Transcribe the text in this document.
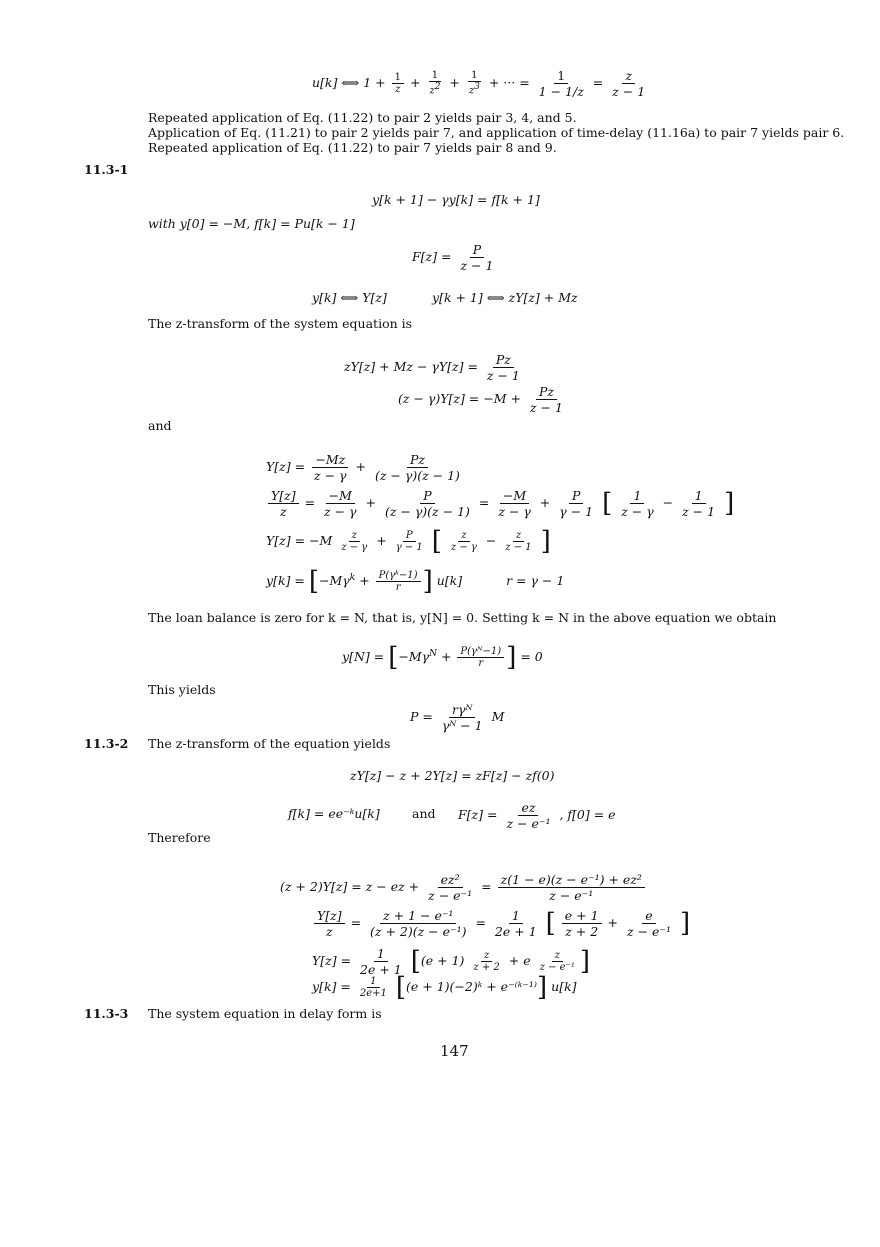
u[k] ⟺ $1 + \frac{1}{z} + \frac{1}{z^2} + \frac{1}{z^3}$ + ··· = $\frac{1}{1 - 1/z} = \frac{z}{z - 1}$
Repeated application of Eq. (11.22) to pair 2 yields pair 3, 4, and 5.
Application of Eq. (11.21) to pair 2 yields pair 7, and application of time-delay (11.16a) to pair 7 yields pair 6.
Repeated application of Eq. (11.22) to pair 7 yields pair 8 and 9.
11.3-1
y[k + 1] − γy[k] = f[k + 1]
with y[0] = −M, f[k] = Pu[k − 1]
$F[z] = \frac{P}{z - 1}$
y[k] ⟺ Y[z]	y[k + 1] ⟺ zY[z] + Mz
The z-transform of the system equation is
$zY[z] + Mz - \gamma Y[z] = \frac{Pz}{z - 1}$
$(z - \gamma)Y[z] = -M + \frac{Pz}{z - 1}$
and
$Y[z] = \frac{-Mz}{z - \gamma} + \frac{Pz}{(z - \gamma)(z - 1)}$
$\frac{Y[z]}{z} = \frac{-M}{z - \gamma} + \frac{P}{(z - \gamma)(z - 1)} = \frac{-M}{z - \gamma} + \frac{P}{\gamma - 1}$ [ $\frac{1}{z - \gamma} - \frac{1}{z - 1}$ ]
$Y[z] = -M \frac{z}{z - \gamma} + \frac{P}{\gamma - 1}$ [ $\frac{z}{z - \gamma} - \frac{z}{z - 1}$ ]
$y[k] = [-M\gamma^k + \frac{\text{P(γᵏ−1)}}{r}$ ] u[k]	r = γ − 1
The loan balance is zero for k = N, that is, y[N] = 0. Setting k = N in the above equation we obtain
$y[N] = [-M\gamma^N + \frac{\text{P(γᴺ−1)}}{r}$ ] = 0
This yields
$P = \frac{\text{rγᴺ}}{\text{γᴺ − 1}}$ M
11.3-2 The z-transform of the equation yields
zY[z] − z + 2Y[z] = zF[z] − zf(0)
f[k] = ee⁻ᵏu[k]	and $F[z] = \frac{ez}{\text{z − e⁻¹}}$ , f[0] = e
Therefore
(z + 2)Y[z] = z − ez + $\frac{\text{ez²}}{\text{z − e⁻¹}} = \frac{\text{z(1 − e)(z − e⁻¹) + ez²}}{\text{z − e⁻¹}}$
$\frac{Y[z]}{z} = \frac{\text{z + 1 − e⁻¹}}{\text{(z + 2)(z − e⁻¹)}} = \frac{1}{2e + 1}$ [ $\frac{e + 1}{z + 2} + \frac{e}{\text{z − e⁻¹}}$ ]
$Y[z] = \frac{1}{2e + 1} [(e + 1) \frac{z}{z + 2} + e \frac{z}{\text{z − e⁻¹}}$ ]
$y[k] = \frac{1}{2e+1} [(e$ + 1)(−2)ᵏ + e⁻⁽ᵏ⁻¹⁾] u[k]
11.3-3 The system equation in delay form is
147
